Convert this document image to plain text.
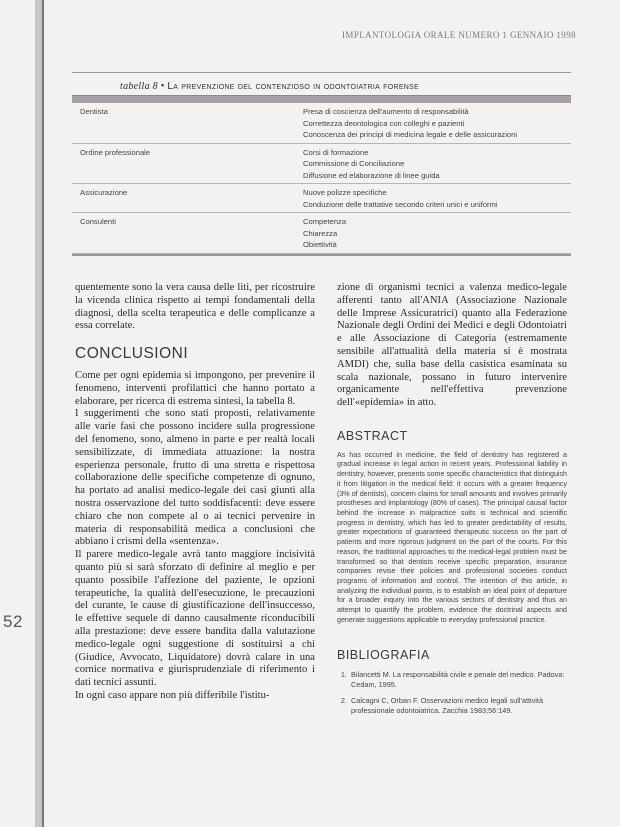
52
IMPLANTOLOGIA ORALE NUMERO 1 GENNAIO 1998
tabella 8 • La prevenzione del contenzioso in odontoiatria forense
Dentista	Presa di coscienza dell'aumento di responsabilità
Correttezza deontologica con colleghi e pazienti
Conoscenza dei principi di medicina legale e delle assicurazioni

Ordine professionale	Corsi di formazione
Commissione di Conciliazione
Diffusione ed elaborazione di linee guida

Assicurazione	Nuove polizze specifiche
Conduzione delle trattative secondo criteri unici e uniformi

Consulenti	Competenza
Chiarezza
Obiettività

quentemente sono la vera causa delle liti, per ricostruire la vicenda clinica rispetto ai tempi fondamentali della diagnosi, della scelta terapeutica e delle complicanze a essa correlate.

CONCLUSIONI

Come per ogni epidemia si impongono, per prevenire il fenomeno, interventi profilattici che hanno portato a elaborare, per ricerca di estrema sintesi, la tabella 8.

I suggerimenti che sono stati proposti, relativamente alle varie fasi che possono incidere sulla progressione del fenomeno, sono, almeno in parte e per realtà locali sensibilizzate, di immediata attuazione: la nostra esperienza personale, frutto di una stretta e rispettosa collaborazione delle specifiche competenze di ognuno, ha portato ad analisi medico-legale dei casi giunti alla nostra osservazione del tutto soddisfacenti: deve essere chiaro che non compete al o ai tecnici pervenire in materia di responsabilità medica a conclusioni che abbiano i crismi della «sentenza».

Il parere medico-legale avrà tanto maggiore incisività quanto più si sarà sforzato di definire al meglio e per quanto possibile l'affezione del paziente, le opzioni terapeutiche, la qualità dell'esecuzione, le precauzioni del curante, le cause di giustificazione dell'insuccesso, le effettive sequele di danno causalmente riconducibili alla prestazione: deve essere bandita dalla valutazione medico-legale ogni suggestione di sostituirsi a chi (Giudice, Avvocato, Liquidatore) dovrà calare in una cornice normativa e giurisprudenziale di riferimento i dati tecnici assunti.

In ogni caso appare non più differibile l'istitu-

zione di organismi tecnici a valenza medico-legale afferenti tanto all'ANIA (Associazione Nazionale delle Imprese Assicuratrici) quanto alla Federazione Nazionale degli Ordini dei Medici e degli Odontoiatri e alle Associazione di Categoria (estremamente sensibile all'attualità della materia si è mostrata AMDI) che, sulla base della casistica esaminata su scala nazionale, possano in futuro intervenire organicamente nell'effettiva prevenzione dell'«epidemia» in atto.

ABSTRACT
As has occurred in medicine, the field of dentistry has registered a gradual increase in legal action in recent years. Professional liability in dentistry, however, presents some specific characteristics that distinguish it from litigation in the medical field: it occurs with a greater frequency (3% of dentists), concern claims for small amounts and involves primarily prostheses and implantology (80% of cases). The principal causal factor behind the increase in malpractice suits is technical and scientific progress in dentistry, which has led to greater predictability of results, greater expectations of guaranteed therapeutic success on the part of patients and more rigorous judgment on the part of the courts. For this reason, the traditional approaches to the medical-legal problem must be transformed so that dentists receive specific preparation, insurance companies revise their policies and professional societies conduct programs of information and control. The intention of this article, in analyzing the individual points, is to establish an ideal point of departure for a broader inquiry into the various sectors of dentistry and thus an attempt to quantify the problem, evidence the doctrinal aspects and generate suggestions applicable to everyday professional practice.
BIBLIOGRAFIA
1. Bilancetti M. La responsabilità civile e penale del medico. Padova: Cedam, 1995.
2. Calcagni C, Orban F. Osservazioni medico legali sull'attività professionale odontoiatrica. Zacchia 1983;56:149.
